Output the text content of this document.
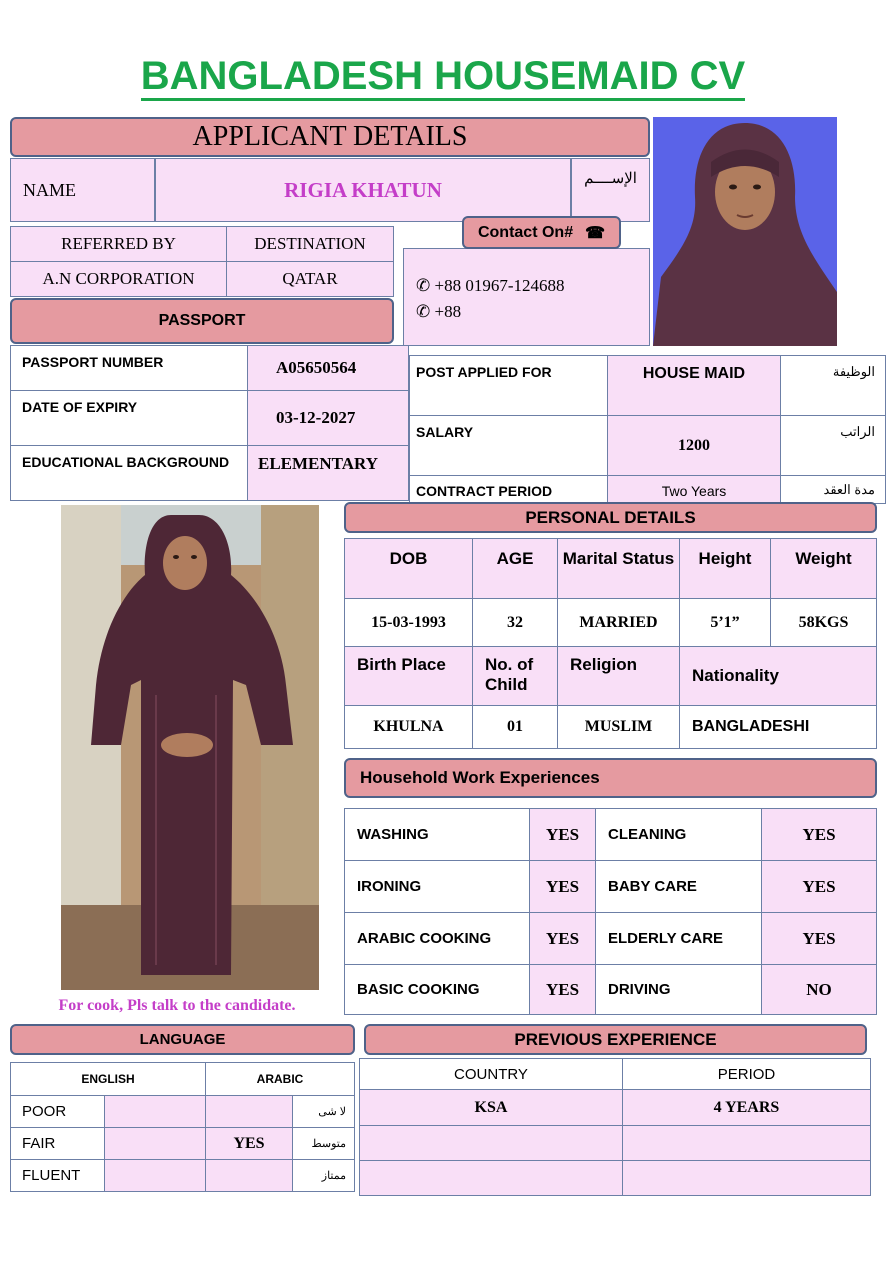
BANGLADESH HOUSEMAID CV
APPLICANT DETAILS
NAME	RIGIA KHATUN	الإســــم
REFERRED BY	DESTINATION
A.N CORPORATION	QATAR
Contact On# ☎
✆ +88 01967-124688
✆ +88
PASSPORT
PASSPORT NUMBER	A05650564
DATE OF EXPIRY	03-12-2027
EDUCATIONAL BACKGROUND	ELEMENTARY
POST APPLIED FOR	HOUSE MAID	الوظيفة
SALARY	1200	الراتب
CONTRACT PERIOD	Two Years	مدة العقد
For cook, Pls talk to the candidate.
PERSONAL DETAILS
DOB	AGE	Marital Status	Height	Weight
15-03-1993	32	MARRIED	5’1”	58KGS
Birth Place	No. of Child	Religion	Nationality
KHULNA	01	MUSLIM	BANGLADESHI
Household Work Experiences
WASHING	YES	CLEANING	YES
IRONING	YES	BABY CARE	YES
ARABIC COOKING	YES	ELDERLY CARE	YES
BASIC COOKING	YES	DRIVING	NO
LANGUAGE
ENGLISH		ARABIC	
POOR			لا شى
FAIR		YES	متوسط
FLUENT			ممتاز
PREVIOUS EXPERIENCE
COUNTRY	PERIOD
KSA	4 YEARS
